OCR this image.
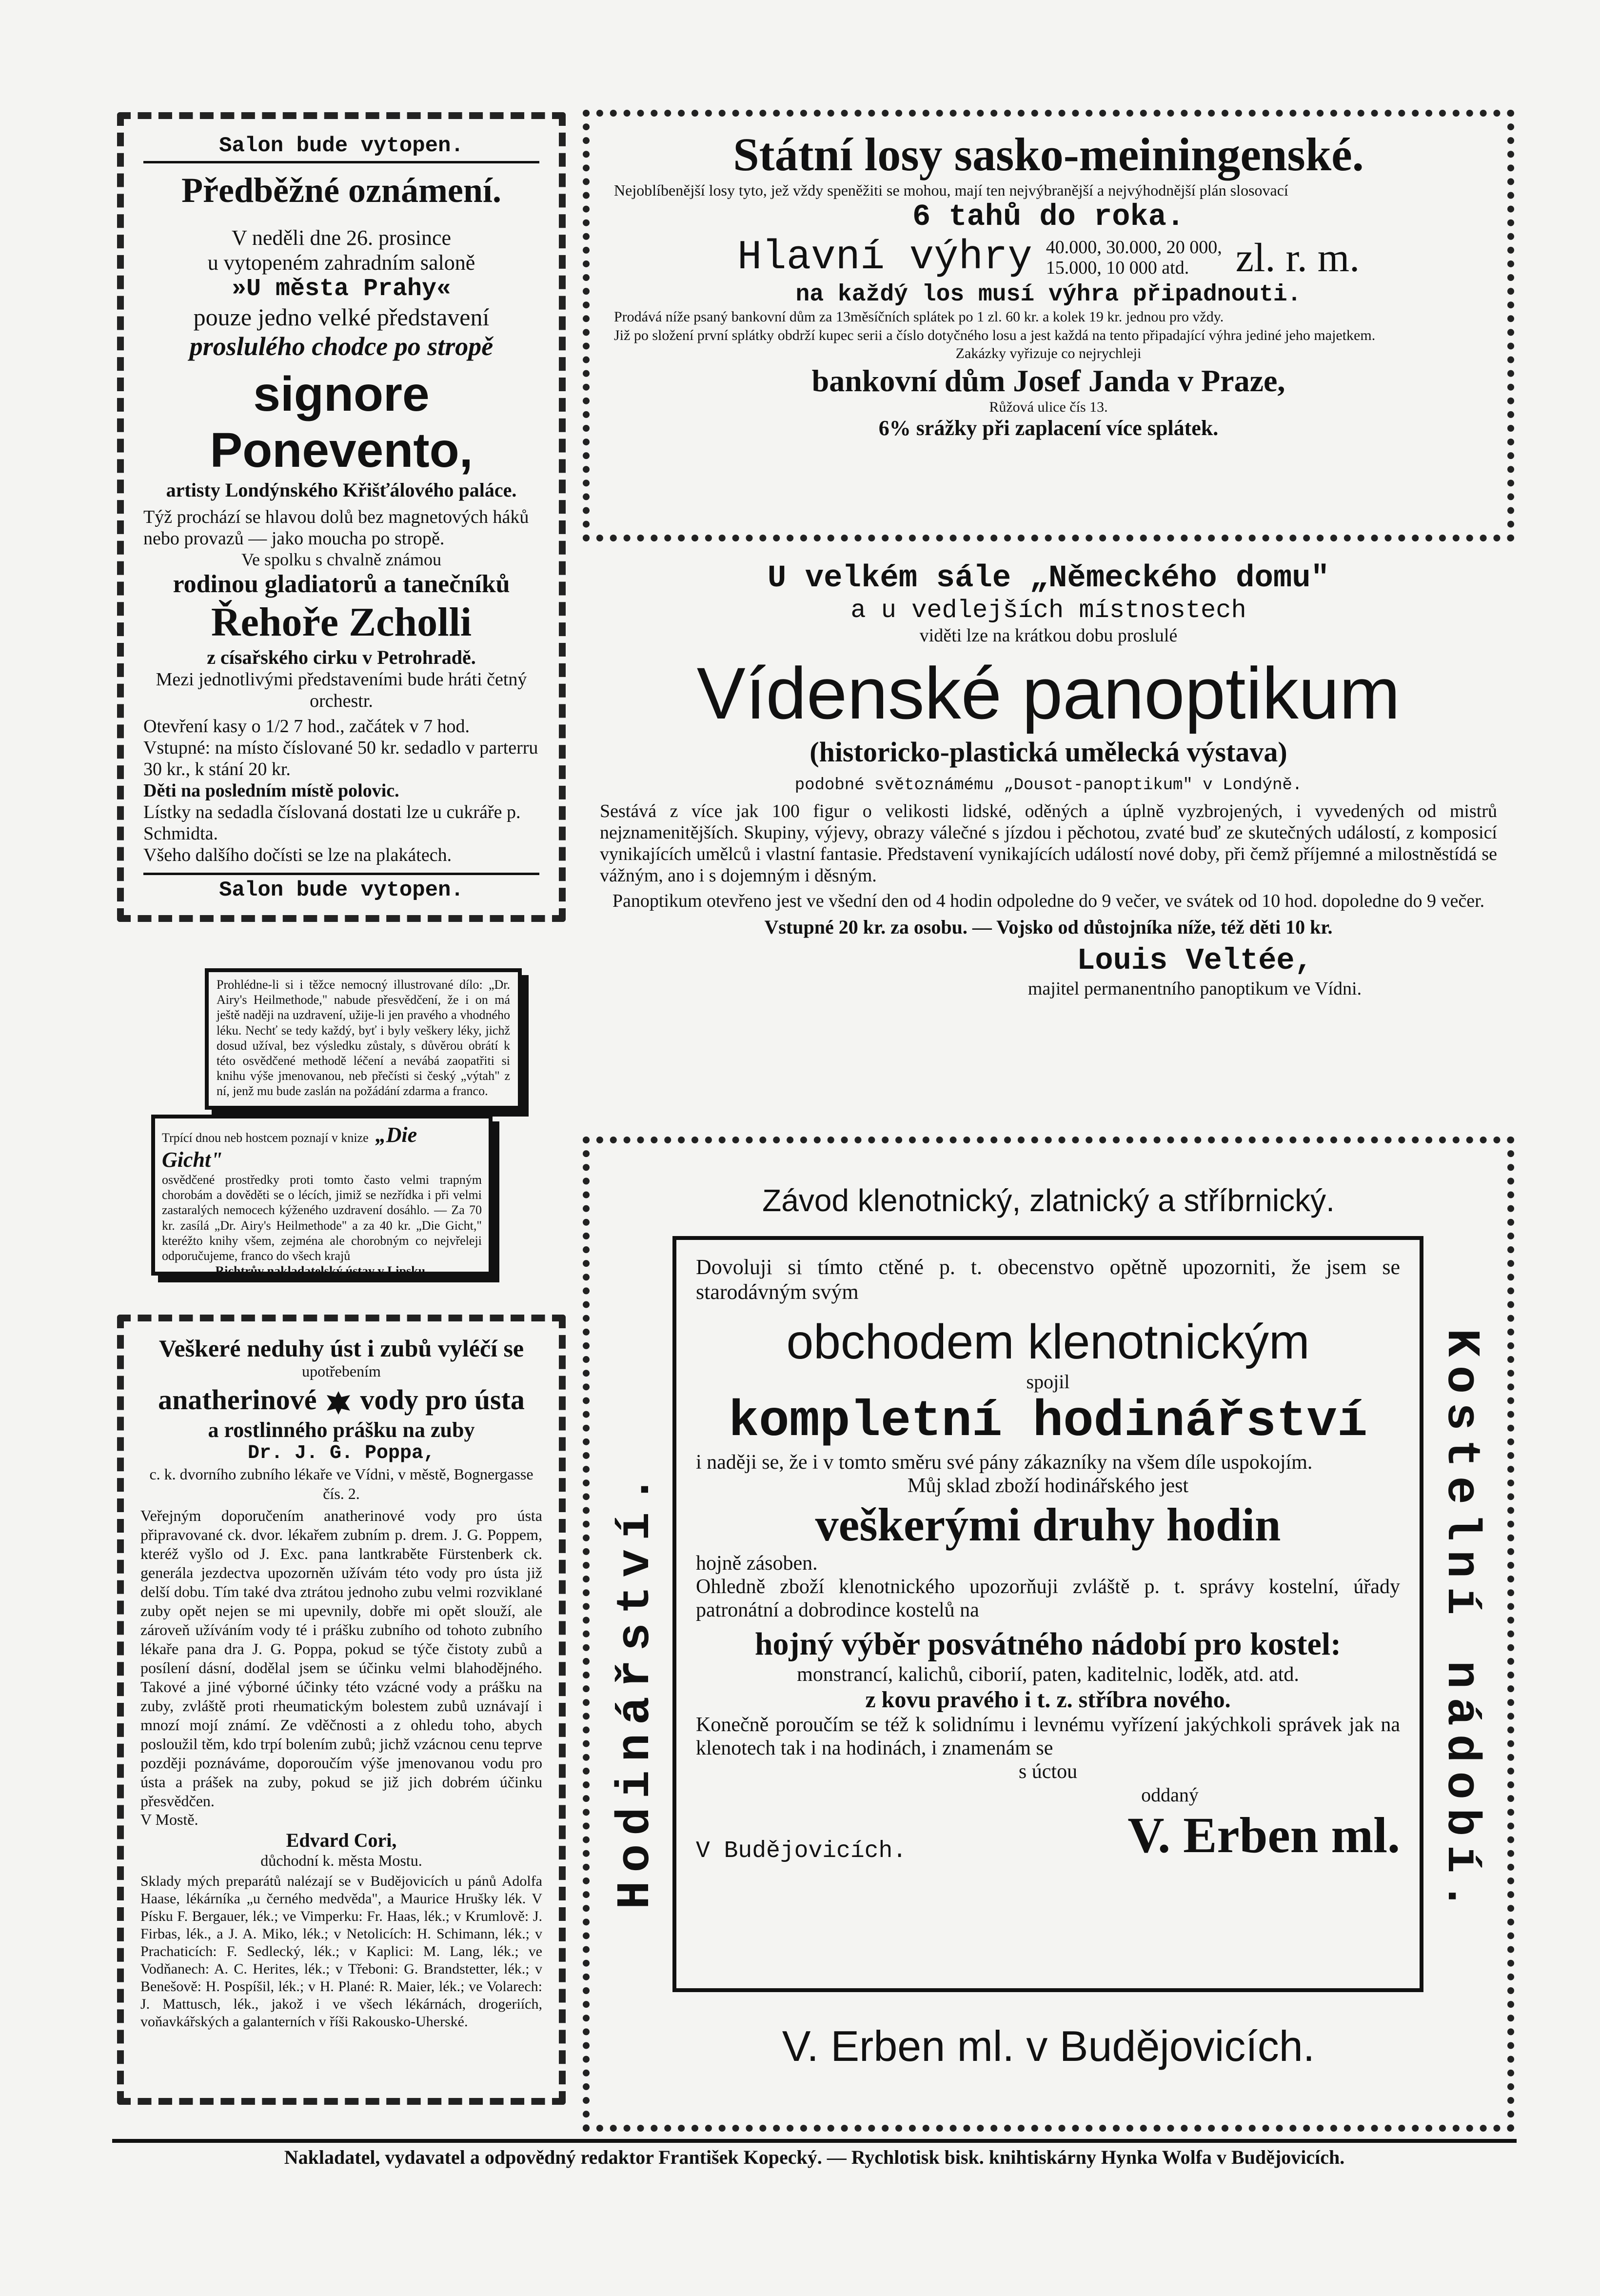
Salon bude vytopen.
Předběžné oznámení.
V neděli dne 26. prosince
u vytopeném zahradním saloně
»U města Prahy«
pouze jedno velké představení
proslulého chodce po stropě
signore Ponevento,
artisty Londýnského Křišťálového paláce.

Týž prochází se hlavou dolů bez magnetových háků nebo provazů — jako moucha po stropě.

Ve spolku s chvalně známou

rodinou gladiatorů a tanečníků
Řehoře Zcholli
z císařského cirku v Petrohradě.

Mezi jednotlivými představeními bude hráti četný orchestr.

Otevření kasy o 1/2 7 hod., začátek v 7 hod.

Vstupné: na místo číslované 50 kr. sedadlo v parterru 30 kr., k stání 20 kr.

Děti na posledním místě polovic.

Lístky na sedadla číslovaná dostati lze u cukráře p. Schmidta.

Všeho dalšího dočísti se lze na plakátech.

Salon bude vytopen.

Prohlédne-li si i těžce nemocný illustrované dílo: „Dr. Airy's Heilmethode," nabude přesvědčení, že i on má ještě naději na uzdravení, užije-li jen pravého a vhodného léku. Nechť se tedy každý, byť i byly veškery léky, jichž dosud užíval, bez výsledku zůstaly, s důvěrou obrátí k této osvědčené methodě léčení a nevábá zaopatřiti si knihu výše jmenovanou, neb přečísti si český „výtah" z ní, jenž mu bude zaslán na požádání zdarma a franco.

Trpící dnou neb hostcem poznají v knize „Die Gicht"

osvědčené prostředky proti tomto často velmi trapným chorobám a dověděti se o lécích, jimiž se nezřídka i při velmi zastaralých nemocech kýženého uzdravení dosáhlo. — Za 70 kr. zasílá „Dr. Airy's Heilmethode" a za 40 kr. „Die Gicht," kteréžto knihy všem, zejména ale chorobným co nejvřeleji odporučujeme, franco do všech krajů

Richtrův nakladatelský ústav v Lipsku.

Veškeré neduhy úst i zubů vyléčí se
upotřebením
anatherinové vody pro ústa
a rostlinného prášku na zuby
Dr. J. G. Poppa,

c. k. dvorního zubního lékaře ve Vídni, v městě, Bognergasse čís. 2.

Veřejným doporučením anatherinové vody pro ústa připravované ck. dvor. lékařem zubním p. drem. J. G. Poppem, kteréž vyšlo od J. Exc. pana lantkraběte Fürstenberk ck. generála jezdectva upozorněn užívám této vody pro ústa již delší dobu. Tím také dva ztrátou jednoho zubu velmi rozviklané zuby opět nejen se mi upevnily, dobře mi opět slouží, ale zároveň užíváním vody té i prášku zubního od tohoto zubního lékaře pana dra J. G. Poppa, pokud se týče čistoty zubů a posílení dásní, dodělal jsem se účinku velmi blahodějného. Takové a jiné výborné účinky této vzácné vody a prášku na zuby, zvláště proti rheumatickým bolestem zubů uznávají i mnozí mojí známí. Ze vděčnosti a z ohledu toho, abych posloužil těm, kdo trpí bolením zubů; jichž vzácnou cenu teprve později poznáváme, doporoučím výše jmenovanou vodu pro ústa a prášek na zuby, pokud se již jich dobrém účinku přesvědčen.

V Mostě.

Edvard Cori,
důchodní k. města Mostu.

Sklady mých preparátů nalézají se v Budějovicích u pánů Adolfa Haase, lékárníka „u černého medvěda", a Maurice Hrušky lék. V Písku F. Bergauer, lék.; ve Vimperku: Fr. Haas, lék.; v Krumlově: J. Firbas, lék., a J. A. Miko, lék.; v Netolicích: H. Schimann, lék.; v Prachaticích: F. Sedlecký, lék.; v Kaplici: M. Lang, lék.; ve Vodňanech: A. C. Herites, lék.; v Třeboni: G. Brandstetter, lék.; v Benešově: H. Pospíšil, lék.; v H. Plané: R. Maier, lék.; ve Volarech: J. Mattusch, lék., jakož i ve všech lékárnách, drogeriích, voňavkářských a galanterních v říši Rakousko-Uherské.

Státní losy sasko-meiningenské.

Nejoblíbenější losy tyto, jež vždy speněžiti se mohou, mají ten nejvýbranější a nejvýhodnější plán slosovací

6 tahů do roka.
Hlavní výhry 40.000, 30.000, 20 000,
15.000, 10 000 atd.	zl. r. m.
na každý los musí výhra připadnouti.

Prodává níže psaný bankovní dům za 13měsíčních splátek po 1 zl. 60 kr. a kolek 19 kr. jednou pro vždy.

Již po složení první splátky obdrží kupec serii a číslo dotyčného losu a jest každá na tento připadající výhra jediné jeho majetkem.

Zakázky vyřizuje co nejrychleji

bankovní dům Josef Janda v Praze,
Růžová ulice čís 13.
6% srážky při zaplacení více splátek.
U velkém sále „Německého domu"
a u vedlejších místnostech
viděti lze na krátkou dobu proslulé
Vídenské panoptikum
(historicko-plastická umělecká výstava)
podobné světoznámému „Dousot-panoptikum" v Londýně.

Sestává z více jak 100 figur o velikosti lidské, oděných a úplně vyzbrojených, i vyvedených od mistrů nejznamenitějších. Skupiny, výjevy, obrazy válečné s jízdou i pěchotou, zvaté buď ze skutečných událostí, z komposicí vynikajících umělců i vlastní fantasie. Představení vynikajících událostí nové doby, při čemž příjemné a milostněstídá se vážným, ano i s dojemným i děsným.

Panoptikum otevřeno jest ve všední den od 4 hodin odpoledne do 9 večer, ve svátek od 10 hod. dopoledne do 9 večer.

Vstupné 20 kr. za osobu. — Vojsko od důstojníka níže, též děti 10 kr.

Louis Veltée,
majitel permanentního panoptikum ve Vídni.
Závod klenotnický, zlatnický a stříbrnický.

Dovoluji si tímto ctěné p. t. obecenstvo opětně upozorniti, že jsem se starodávným svým

obchodem klenotnickým
spojil
kompletní hodinářství

i naději se, že i v tomto směru své pány zákazníky na všem díle uspokojím.

Můj sklad zboží hodinářského jest

veškerými druhy hodin

hojně zásoben.

Ohledně zboží klenotnického upozorňuji zvláště p. t. správy kostelní, úřady patronátní a dobrodince kostelů na

hojný výběr posvátného nádobí pro kostel:

monstrancí, kalichů, ciborií, paten, kaditelnic, loděk, atd. atd.

z kovu pravého i t. z. stříbra nového.

Konečně poroučím se též k solidnímu i levnému vyřízení jakýchkoli správek jak na klenotech tak i na hodinách, i znamenám se

s úctou

oddaný

V Budějovicích.	V. Erben ml.
Hodinářství.	Kostelní nádobí.
V. Erben ml. v Budějovicích.
Nakladatel, vydavatel a odpovědný redaktor František Kopecký. — Rychlotisk bisk. knihtiskárny Hynka Wolfa v Budějovicích.
